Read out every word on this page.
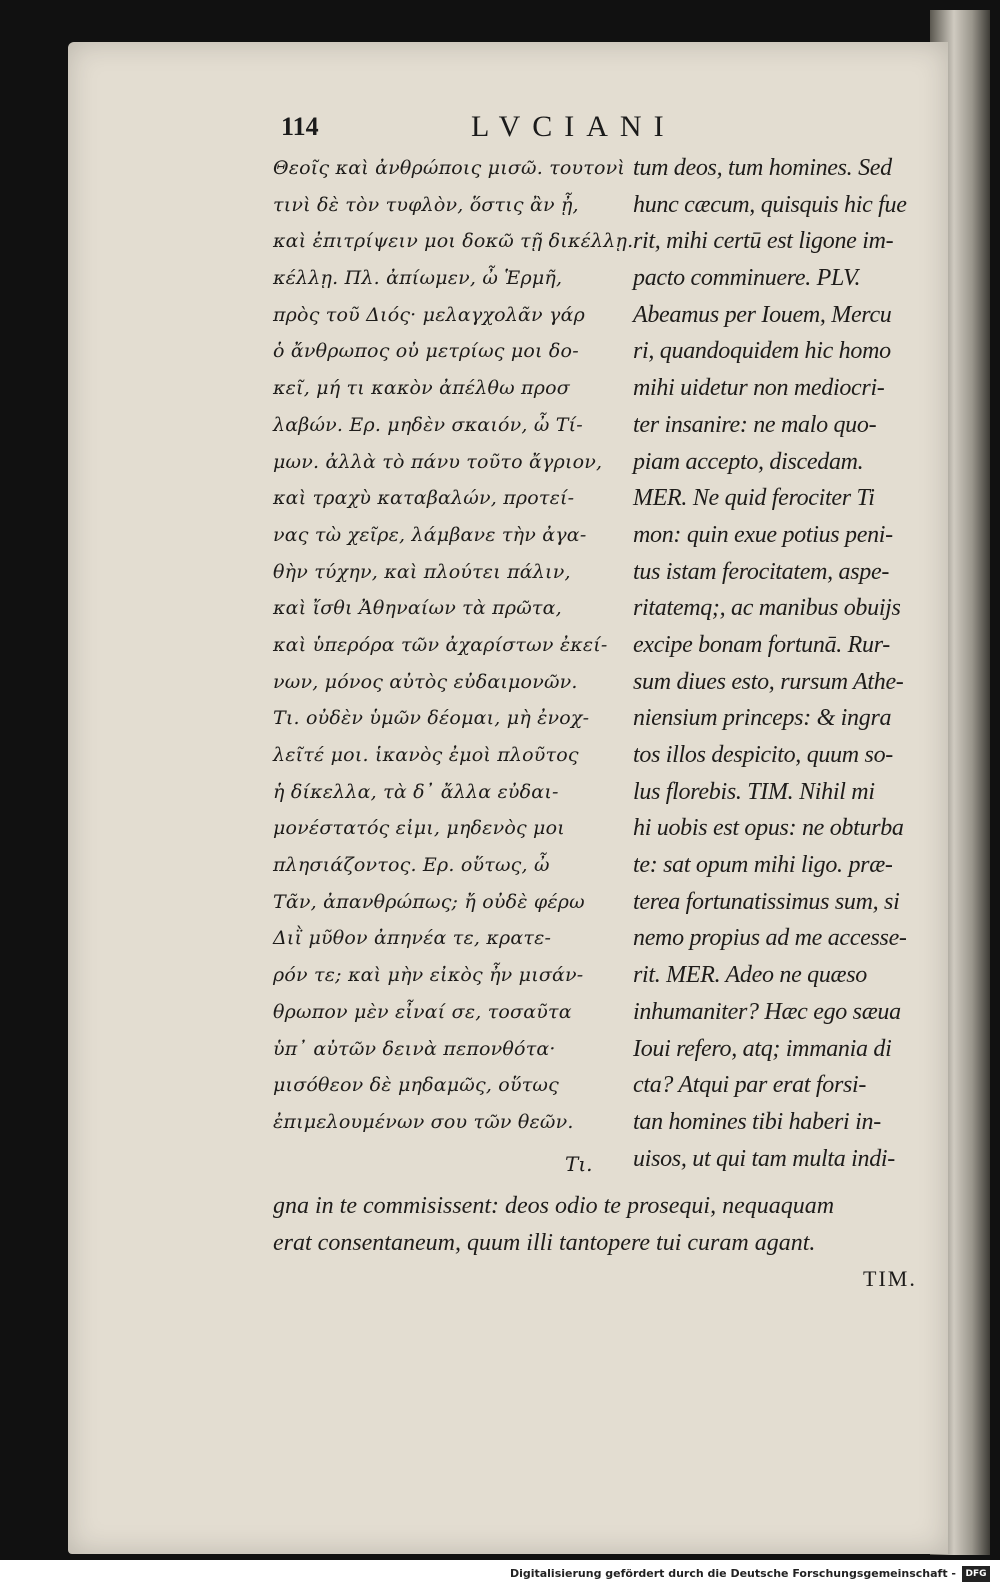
114	LVCIANI
Θεοῖς καὶ ἀνθρώποις μισῶ. τουτονὶ
τινὶ δὲ τὸν τυφλὸν, ὅστις ἂν ᾖ,
καὶ ἐπιτρίψειν μοι δοκῶ τῇ δικέλλῃ.
κέλλῃ. Πλ. ἀπίωμεν, ὦ Ἑρμῆ,
πρὸς τοῦ Διός· μελαγχολᾶν γάρ
ὁ ἄνθρωπος οὐ μετρίως μοι δο-
κεῖ, μή τι κακὸν ἀπέλθω προσ
λαβών. Ερ. μηδὲν σκαιόν, ὦ Τί-
μων. ἀλλὰ τὸ πάνυ τοῦτο ἄγριον,
καὶ τραχὺ καταβαλών, προτεί-
νας τὼ χεῖρε, λάμβανε τὴν ἀγα-
θὴν τύχην, καὶ πλούτει πάλιν,
καὶ ἴσθι Ἀθηναίων τὰ πρῶτα,
καὶ ὑπερόρα τῶν ἀχαρίστων ἐκεί-
νων, μόνος αὐτὸς εὐδαιμονῶν.
Τι. οὐδὲν ὑμῶν δέομαι, μὴ ἐνοχ-
λεῖτέ μοι. ἱκανὸς ἐμοὶ πλοῦτος
ἡ δίκελλα, τὰ δ᾽ ἄλλα εὐδαι-
μονέστατός εἰμι, μηδενὸς μοι
πλησιάζοντος. Ερ. οὕτως, ὦ
Τᾶν, ἀπανθρώπως; ἤ οὐδὲ φέρω
Διῒ μῦθον ἀπηνέα τε, κρατε-
ρόν τε; καὶ μὴν εἰκὸς ἦν μισάν-
θρωπον μὲν εἶναί σε, τοσαῦτα
ὑπ᾽ αὐτῶν δεινὰ πεπονθότα·
μισόθεον δὲ μηδαμῶς, οὕτως
ἐπιμελουμένων σου τῶν θεῶν.
tum deos, tum homines. Sed
hunc cæcum, quisquis hic fue
rit, mihi certū est ligone im-
pacto comminuere. PLV.
Abeamus per Iouem, Mercu
ri, quandoquidem hic homo
mihi uidetur non mediocri-
ter insanire: ne malo quo-
piam accepto, discedam.
MER. Ne quid ferociter Ti
mon: quin exue potius peni-
tus istam ferocitatem, aspe-
ritatemq;, ac manibus obuijs
excipe bonam fortunā. Rur-
sum diues esto, rursum Athe-
niensium princeps: & ingra
tos illos despicito, quum so-
lus florebis. TIM. Nihil mi
hi uobis est opus: ne obturba
te: sat opum mihi ligo. præ-
terea fortunatissimus sum, si
nemo propius ad me accesse-
rit. MER. Adeo ne quæso
inhumaniter? Hæc ego sæua
Ioui refero, atq; immania di
cta? Atqui par erat forsi-
tan homines tibi haberi in-
uisos, ut qui tam multa indi-
Τι.
gna in te commisissent: deos odio te prosequi, nequaquam
erat consentaneum, quum illi tantopere tui curam agant.
TIM.
Digitalisierung gefördert durch die Deutsche Forschungsgemeinschaft -	DFG
